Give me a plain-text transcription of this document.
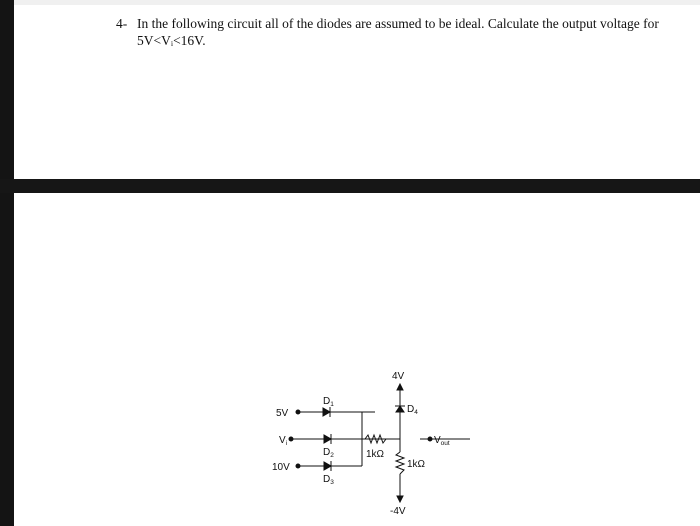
4- In the following circuit all of the diodes are assumed to be ideal. Calculate the output voltage for
5V<Vᵢ<16V.
5V
$V_i$
10V
$D_1$
$D_2$
$D_3$
$D_4$
1kΩ
1kΩ
4V
-4V
$V_{out}$
